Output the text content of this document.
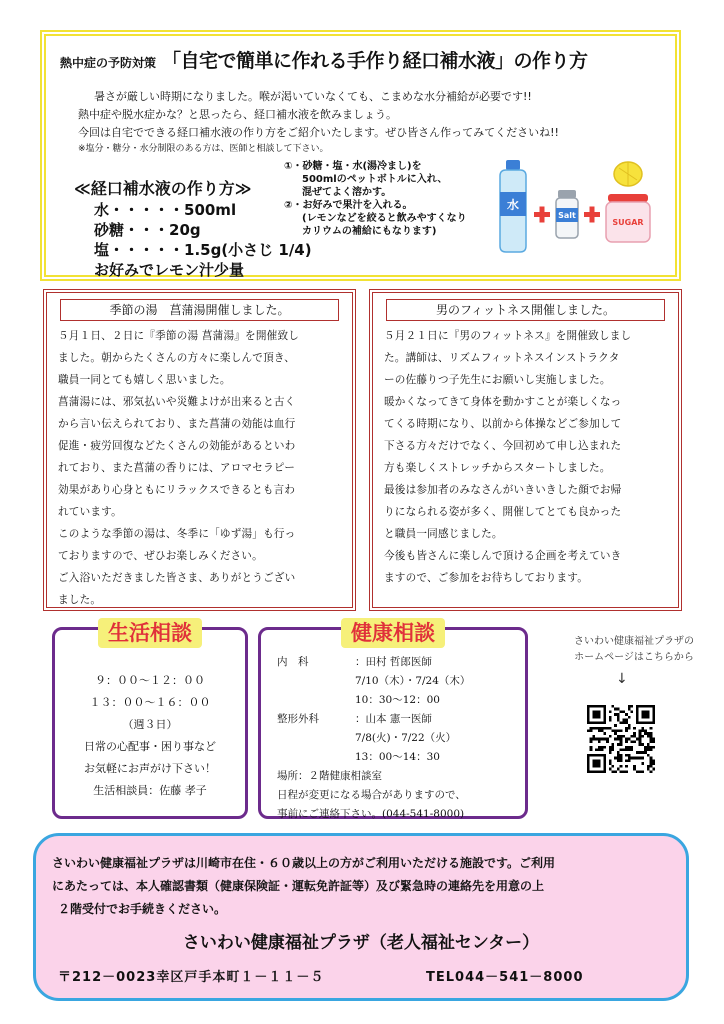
熱中症の予防対策 「自宅で簡単に作れる手作り経口補水液」の作り方

暑さが厳しい時期になりました。喉が渇いていなくても、こまめな水分補給が必要です!!

熱中症や脱水症かな？と思ったら、経口補水液を飲みましょう。

今回は自宅でできる経口補水液の作り方をご紹介いたします。ぜひ皆さん作ってみてくださいね!!

※塩分・糖分・水分制限のある方は、医師と相談して下さい。

≪経口補水液の作り方≫
水・・・・・500ml
砂糖・・・20g
塩・・・・・1.5g(小さじ 1/4)
お好みでレモン汁少量
①・砂糖・塩・水(湯冷まし)を
500mlのペットボトルに入れ、
混ぜてよく溶かす。
②・お好みで果汁を入れる。
(レモンなどを絞ると飲みやすくなり
カリウムの補給にもなります)
水
Salt
SUGAR
季節の湯　菖蒲湯開催しました。

５月１日、２日に『季節の湯 菖蒲湯』を開催致し

ました。朝からたくさんの方々に楽しんで頂き、

職員一同とても嬉しく思いました。

菖蒲湯には、邪気払いや災難よけが出来ると古く

から言い伝えられており、また菖蒲の効能は血行

促進・疲労回復などたくさんの効能があるといわ

れており、また菖蒲の香りには、アロマセラピー

効果があり心身ともにリラックスできるとも言わ

れています。

このような季節の湯は、冬季に「ゆず湯」も行っ

ておりますので、ぜひお楽しみください。

ご入浴いただきました皆さま、ありがとうござい

ました。

男のフィットネス開催しました。

５月２１日に『男のフィットネス』を開催致しまし

た。講師は、リズムフィットネスインストラクタ

ーの佐藤りつ子先生にお願いし実施しました。

暖かくなってきて身体を動かすことが楽しくなっ

てくる時期になり、以前から体操などご参加して

下さる方々だけでなく、今回初めて申し込まれた

方も楽しくストレッチからスタートしました。

最後は参加者のみなさんがいきいきした顔でお帰

りになられる姿が多く、開催してとても良かった

と職員一同感じました。

今後も皆さんに楽しんで頂ける企画を考えていき

ますので、ご参加をお待ちしております。

生活相談
９：００～１２：００
１３：００～１６：００
（週３日）
日常の心配事・困り事など
お気軽にお声がけ下さい！
生活相談員：佐藤 孝子
健康相談
内　科	：田村 哲郎医師
7/10（木）・7/24（木）
10：30～12：00
整形外科	：山本 憲一医師
7/8(火)・7/22（火）
13：00～14：30
場所：２階健康相談室
日程が変更になる場合がありますので、
事前にご連絡下さい。(044-541-8000)
さいわい健康福祉プラザの
ホームページはこちらから
↓
さいわい健康福祉プラザは川崎市在住・６０歳以上の方がご利用いただける施設です。ご利用
にあたっては、本人確認書類（健康保険証・運転免許証等）及び緊急時の連絡先を用意の上
２階受付でお手続きください。
さいわい健康福祉プラザ（老人福祉センター）
〒212－0023幸区戸手本町１－１１－５	TEL044－541－8000
